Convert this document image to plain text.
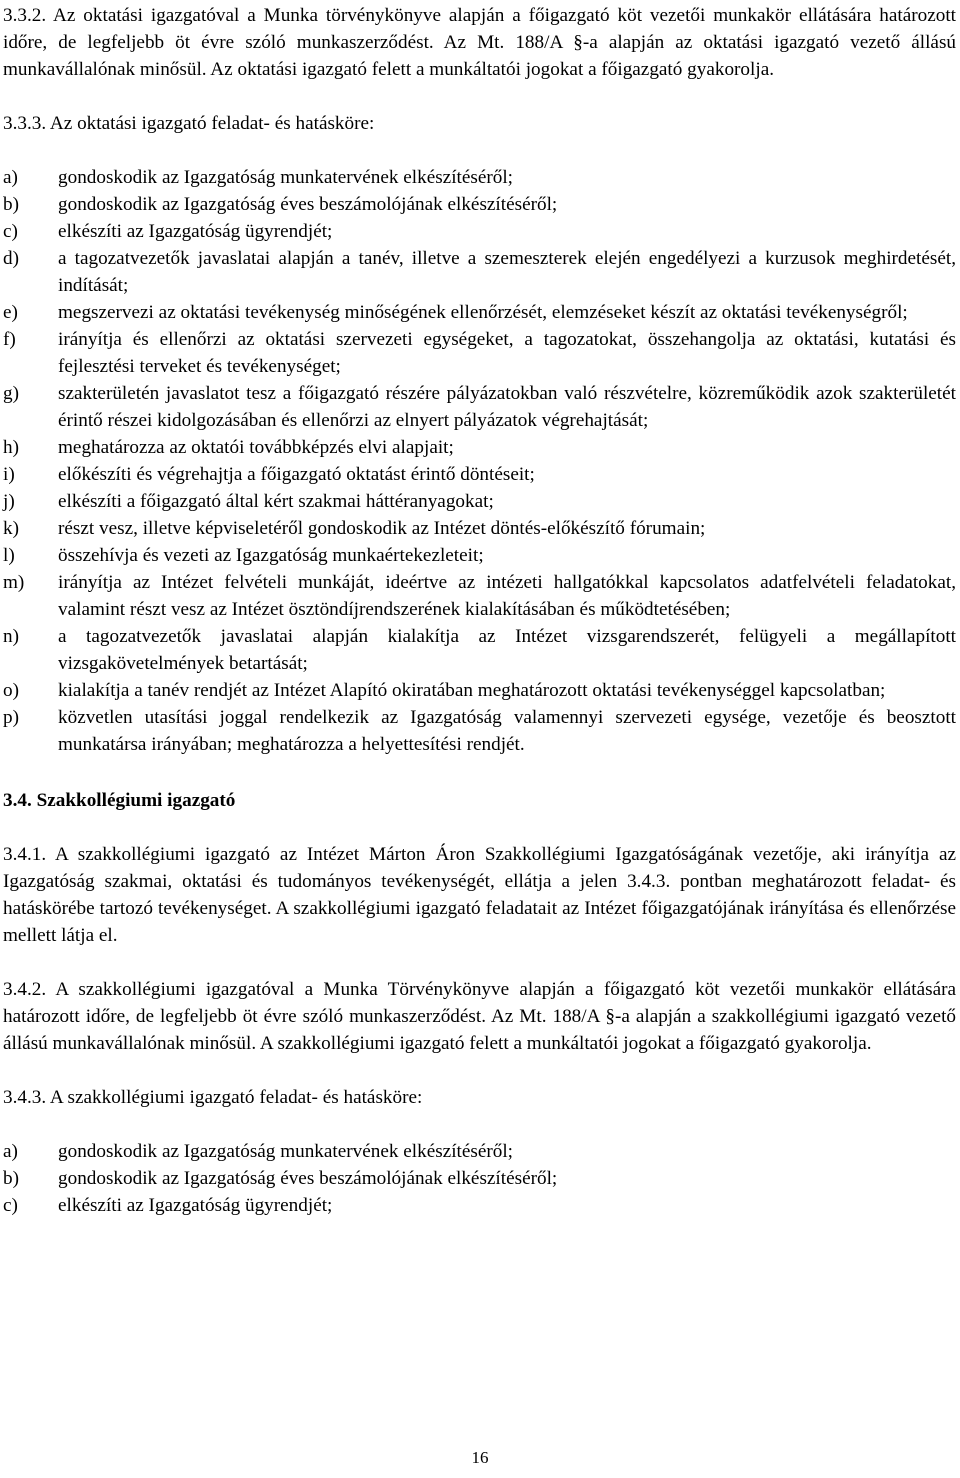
3.3.2. Az oktatási igazgatóval a Munka törvénykönyve alapján a főigazgató köt vezetői munkakör ellátására határozott időre, de legfeljebb öt évre szóló munkaszerződést. Az Mt. 188/A §-a alapján az oktatási igazgató vezető állású munkavállalónak minősül. Az oktatási igazgató felett a munkáltatói jogokat a főigazgató gyakorolja.

3.3.3. Az oktatási igazgató feladat- és hatásköre:

a)	gondoskodik az Igazgatóság munkatervének elkészítéséről;
b)	gondoskodik az Igazgatóság éves beszámolójának elkészítéséről;
c)	elkészíti az Igazgatóság ügyrendjét;
d)	a tagozatvezetők javaslatai alapján a tanév, illetve a szemeszterek elején engedélyezi a kurzusok meghirdetését, indítását;
e)	megszervezi az oktatási tevékenység minőségének ellenőrzését, elemzéseket készít az oktatási tevékenységről;
f)	irányítja és ellenőrzi az oktatási szervezeti egységeket, a tagozatokat, összehangolja az oktatási, kutatási és fejlesztési terveket és tevékenységet;
g)	szakterületén javaslatot tesz a főigazgató részére pályázatokban való részvételre, közreműködik azok szakterületét érintő részei kidolgozásában és ellenőrzi az elnyert pályázatok végrehajtását;
h)	meghatározza az oktatói továbbképzés elvi alapjait;
i)	előkészíti és végrehajtja a főigazgató oktatást érintő döntéseit;
j)	elkészíti a főigazgató által kért szakmai háttéranyagokat;
k)	részt vesz, illetve képviseletéről gondoskodik az Intézet döntés-előkészítő fórumain;
l)	összehívja és vezeti az Igazgatóság munkaértekezleteit;
m)	irányítja az Intézet felvételi munkáját, ideértve az intézeti hallgatókkal kapcsolatos adatfelvételi feladatokat, valamint részt vesz az Intézet ösztöndíjrendszerének kialakításában és működtetésében;
n)	a tagozatvezetők javaslatai alapján kialakítja az Intézet vizsgarendszerét, felügyeli a megállapított vizsgakövetelmények betartását;
o)	kialakítja a tanév rendjét az Intézet Alapító okiratában meghatározott oktatási tevékenységgel kapcsolatban;
p)	közvetlen utasítási joggal rendelkezik az Igazgatóság valamennyi szervezeti egysége, vezetője és beosztott munkatársa irányában; meghatározza a helyettesítési rendjét.

3.4. Szakkollégiumi igazgató

3.4.1. A szakkollégiumi igazgató az Intézet Márton Áron Szakkollégiumi Igazgatóságának vezetője, aki irányítja az Igazgatóság szakmai, oktatási és tudományos tevékenységét, ellátja a jelen 3.4.3. pontban meghatározott feladat- és hatáskörébe tartozó tevékenységet. A szakkollégiumi igazgató feladatait az Intézet főigazgatójának irányítása és ellenőrzése mellett látja el.

3.4.2. A szakkollégiumi igazgatóval a Munka Törvénykönyve alapján a főigazgató köt vezetői munkakör ellátására határozott időre, de legfeljebb öt évre szóló munkaszerződést. Az Mt. 188/A §-a alapján a szakkollégiumi igazgató vezető állású munkavállalónak minősül. A szakkollégiumi igazgató felett a munkáltatói jogokat a főigazgató gyakorolja.

3.4.3. A szakkollégiumi igazgató feladat- és hatásköre:

a)	gondoskodik az Igazgatóság munkatervének elkészítéséről;
b)	gondoskodik az Igazgatóság éves beszámolójának elkészítéséről;
c)	elkészíti az Igazgatóság ügyrendjét;
16
